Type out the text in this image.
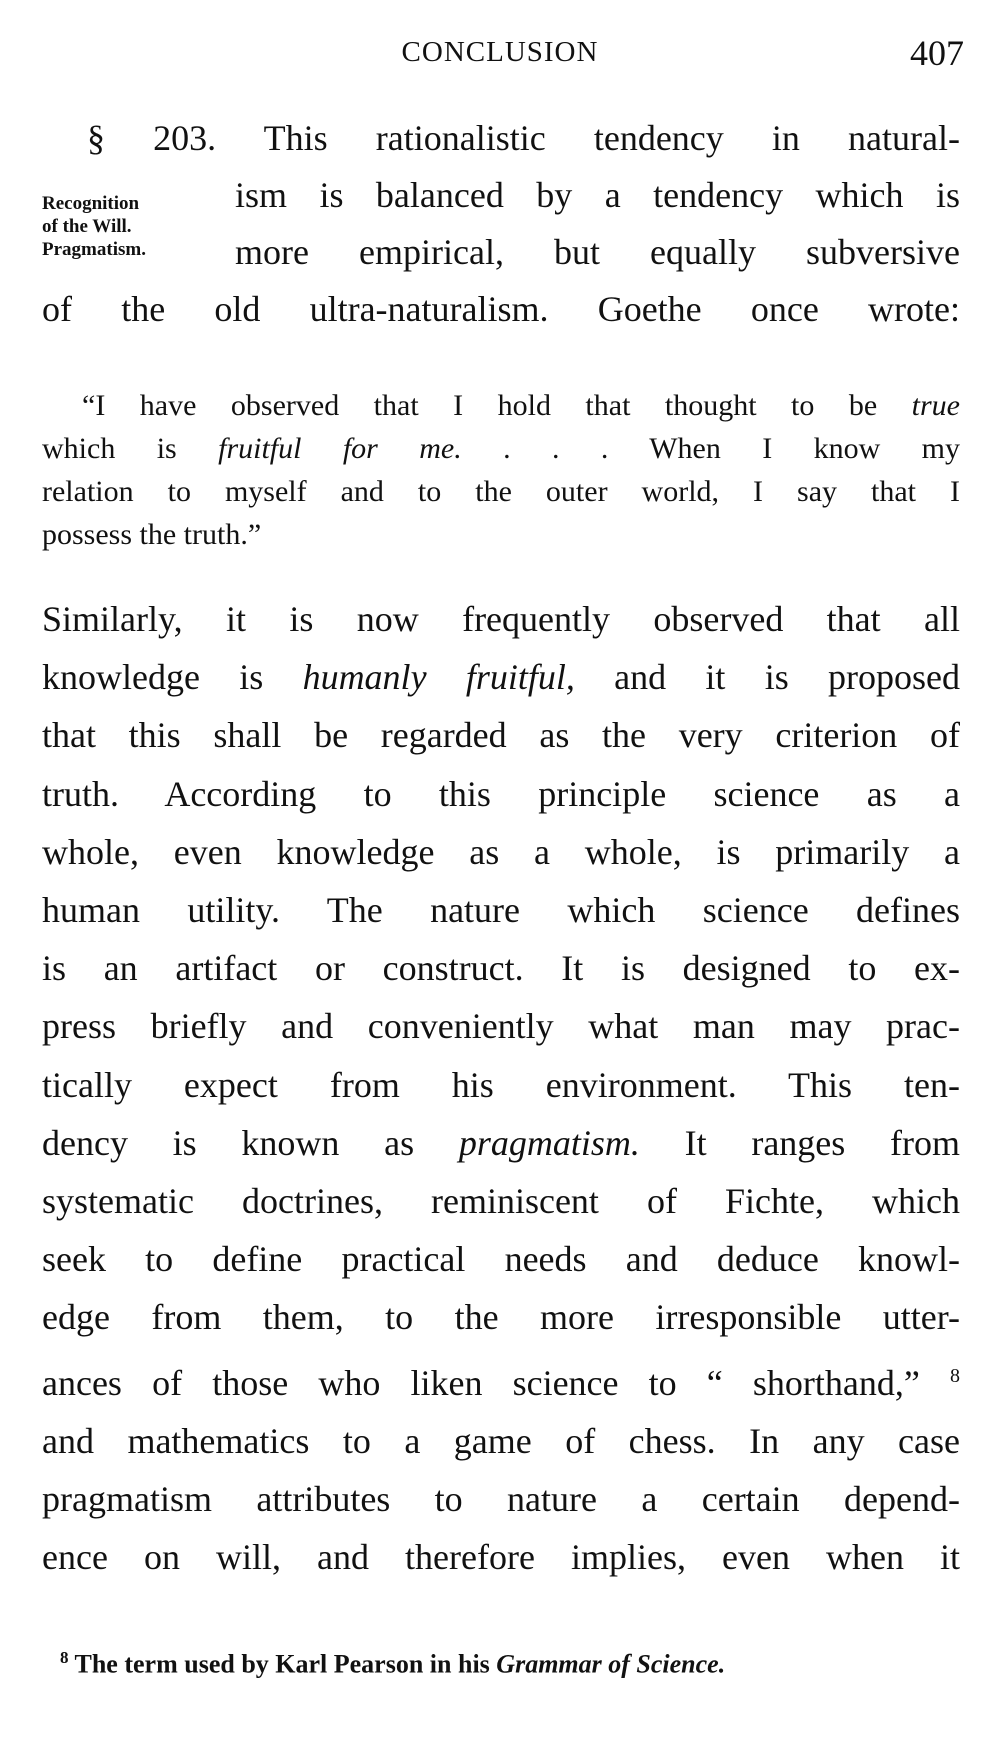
CONCLUSION	407
Recognition
of the Will.
Pragmatism.
§ 203. This rationalistic tendency in natural-
ism is balanced by a tendency which is
more empirical, but equally subversive
of the old ultra-naturalism. Goethe once wrote:
“I have observed that I hold that thought to be true
which is fruitful for me. . . . When I know my
relation to myself and to the outer world, I say that I
possess the truth.”
Similarly, it is now frequently observed that all
knowledge is humanly fruitful, and it is proposed
that this shall be regarded as the very criterion of
truth. According to this principle science as a
whole, even knowledge as a whole, is primarily a
human utility. The nature which science defines
is an artifact or construct. It is designed to ex-
press briefly and conveniently what man may prac-
tically expect from his environment. This ten-
dency is known as pragmatism. It ranges from
systematic doctrines, reminiscent of Fichte, which
seek to define practical needs and deduce knowl-
edge from them, to the more irresponsible utter-
ances of those who liken science to “ shorthand,” $^8$
and mathematics to a game of chess. In any case
pragmatism attributes to nature a certain depend-
ence on will, and therefore implies, even when it
$^8$ The term used by Karl Pearson in his Grammar of Science.
